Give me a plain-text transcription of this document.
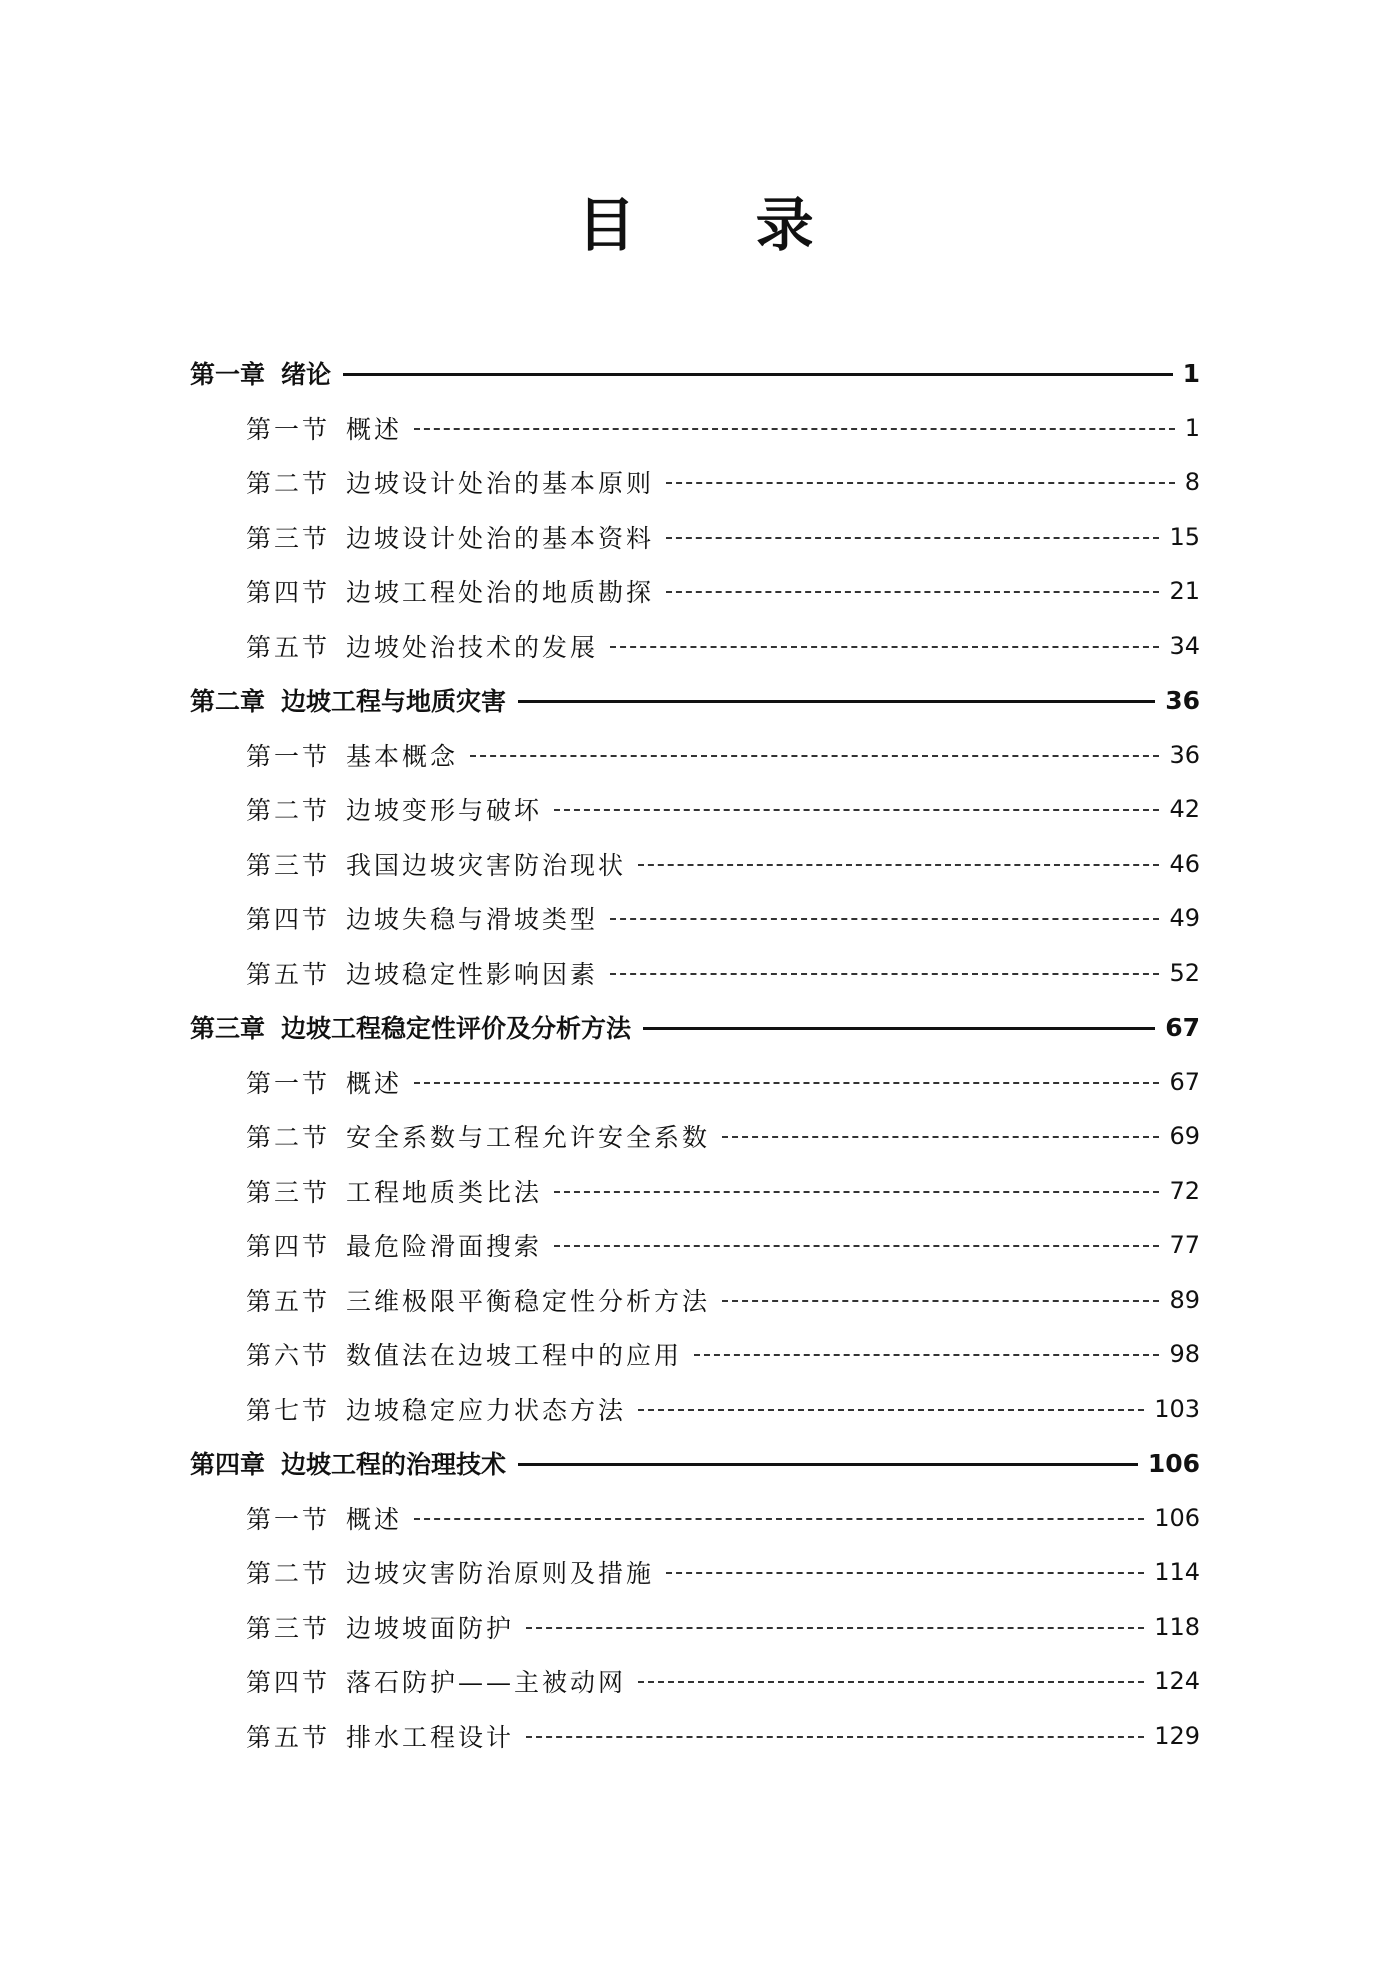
目 录
第一章 绪论	1
第一节 概述	1
第二节 边坡设计处治的基本原则	8
第三节 边坡设计处治的基本资料	15
第四节 边坡工程处治的地质勘探	21
第五节 边坡处治技术的发展	34
第二章 边坡工程与地质灾害	36
第一节 基本概念	36
第二节 边坡变形与破坏	42
第三节 我国边坡灾害防治现状	46
第四节 边坡失稳与滑坡类型	49
第五节 边坡稳定性影响因素	52
第三章 边坡工程稳定性评价及分析方法	67
第一节 概述	67
第二节 安全系数与工程允许安全系数	69
第三节 工程地质类比法	72
第四节 最危险滑面搜索	77
第五节 三维极限平衡稳定性分析方法	89
第六节 数值法在边坡工程中的应用	98
第七节 边坡稳定应力状态方法	103
第四章 边坡工程的治理技术	106
第一节 概述	106
第二节 边坡灾害防治原则及措施	114
第三节 边坡坡面防护	118
第四节 落石防护——主被动网	124
第五节 排水工程设计	129
